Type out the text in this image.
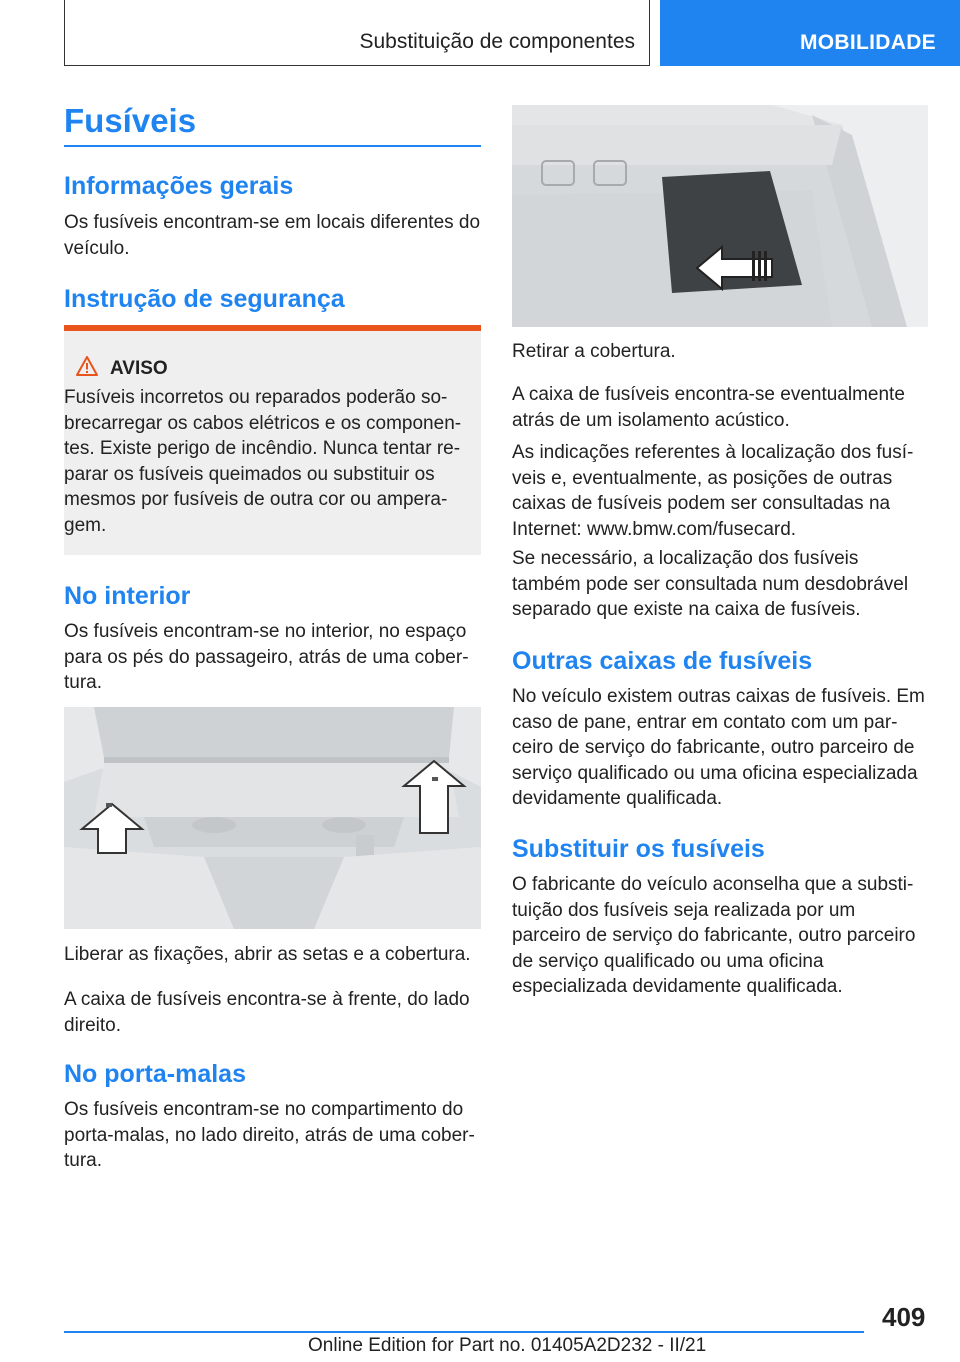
Substituição de componentes	MOBILIDADE
Fusíveis
Informações gerais

Os fusíveis encontram-se em locais diferentes do veículo.

Instrução de segurança
AVISO
Fusíveis incorretos ou reparados poderão sobrecarregar os cabos elétricos e os componentes. Existe perigo de incêndio. Nunca tentar reparar os fusíveis queimados ou substituir os mesmos por fusíveis de outra cor ou amperagem.
No interior

Os fusíveis encontram-se no interior, no espaço para os pés do passageiro, atrás de uma cobertura.

Liberar as fixações, abrir as setas e a cobertura.

A caixa de fusíveis encontra-se à frente, do lado direito.

No porta-malas

Os fusíveis encontram-se no compartimento do porta-malas, no lado direito, atrás de uma cobertura.

Retirar a cobertura.

A caixa de fusíveis encontra-se eventualmente atrás de um isolamento acústico.

As indicações referentes à localização dos fusíveis e, eventualmente, as posições de outras caixas de fusíveis podem ser consultadas na Internet: www.bmw.com/fusecard.

Se necessário, a localização dos fusíveis também pode ser consultada num desdobrável separado que existe na caixa de fusíveis.

Outras caixas de fusíveis

No veículo existem outras caixas de fusíveis. Em caso de pane, entrar em contato com um parceiro de serviço do fabricante, outro parceiro de serviço qualificado ou uma oficina especializada devidamente qualificada.

Substituir os fusíveis

O fabricante do veículo aconselha que a substituição dos fusíveis seja realizada por um parceiro de serviço do fabricante, outro parceiro de serviço qualificado ou uma oficina especializada devidamente qualificada.

409
Online Edition for Part no. 01405A2D232 - II/21
